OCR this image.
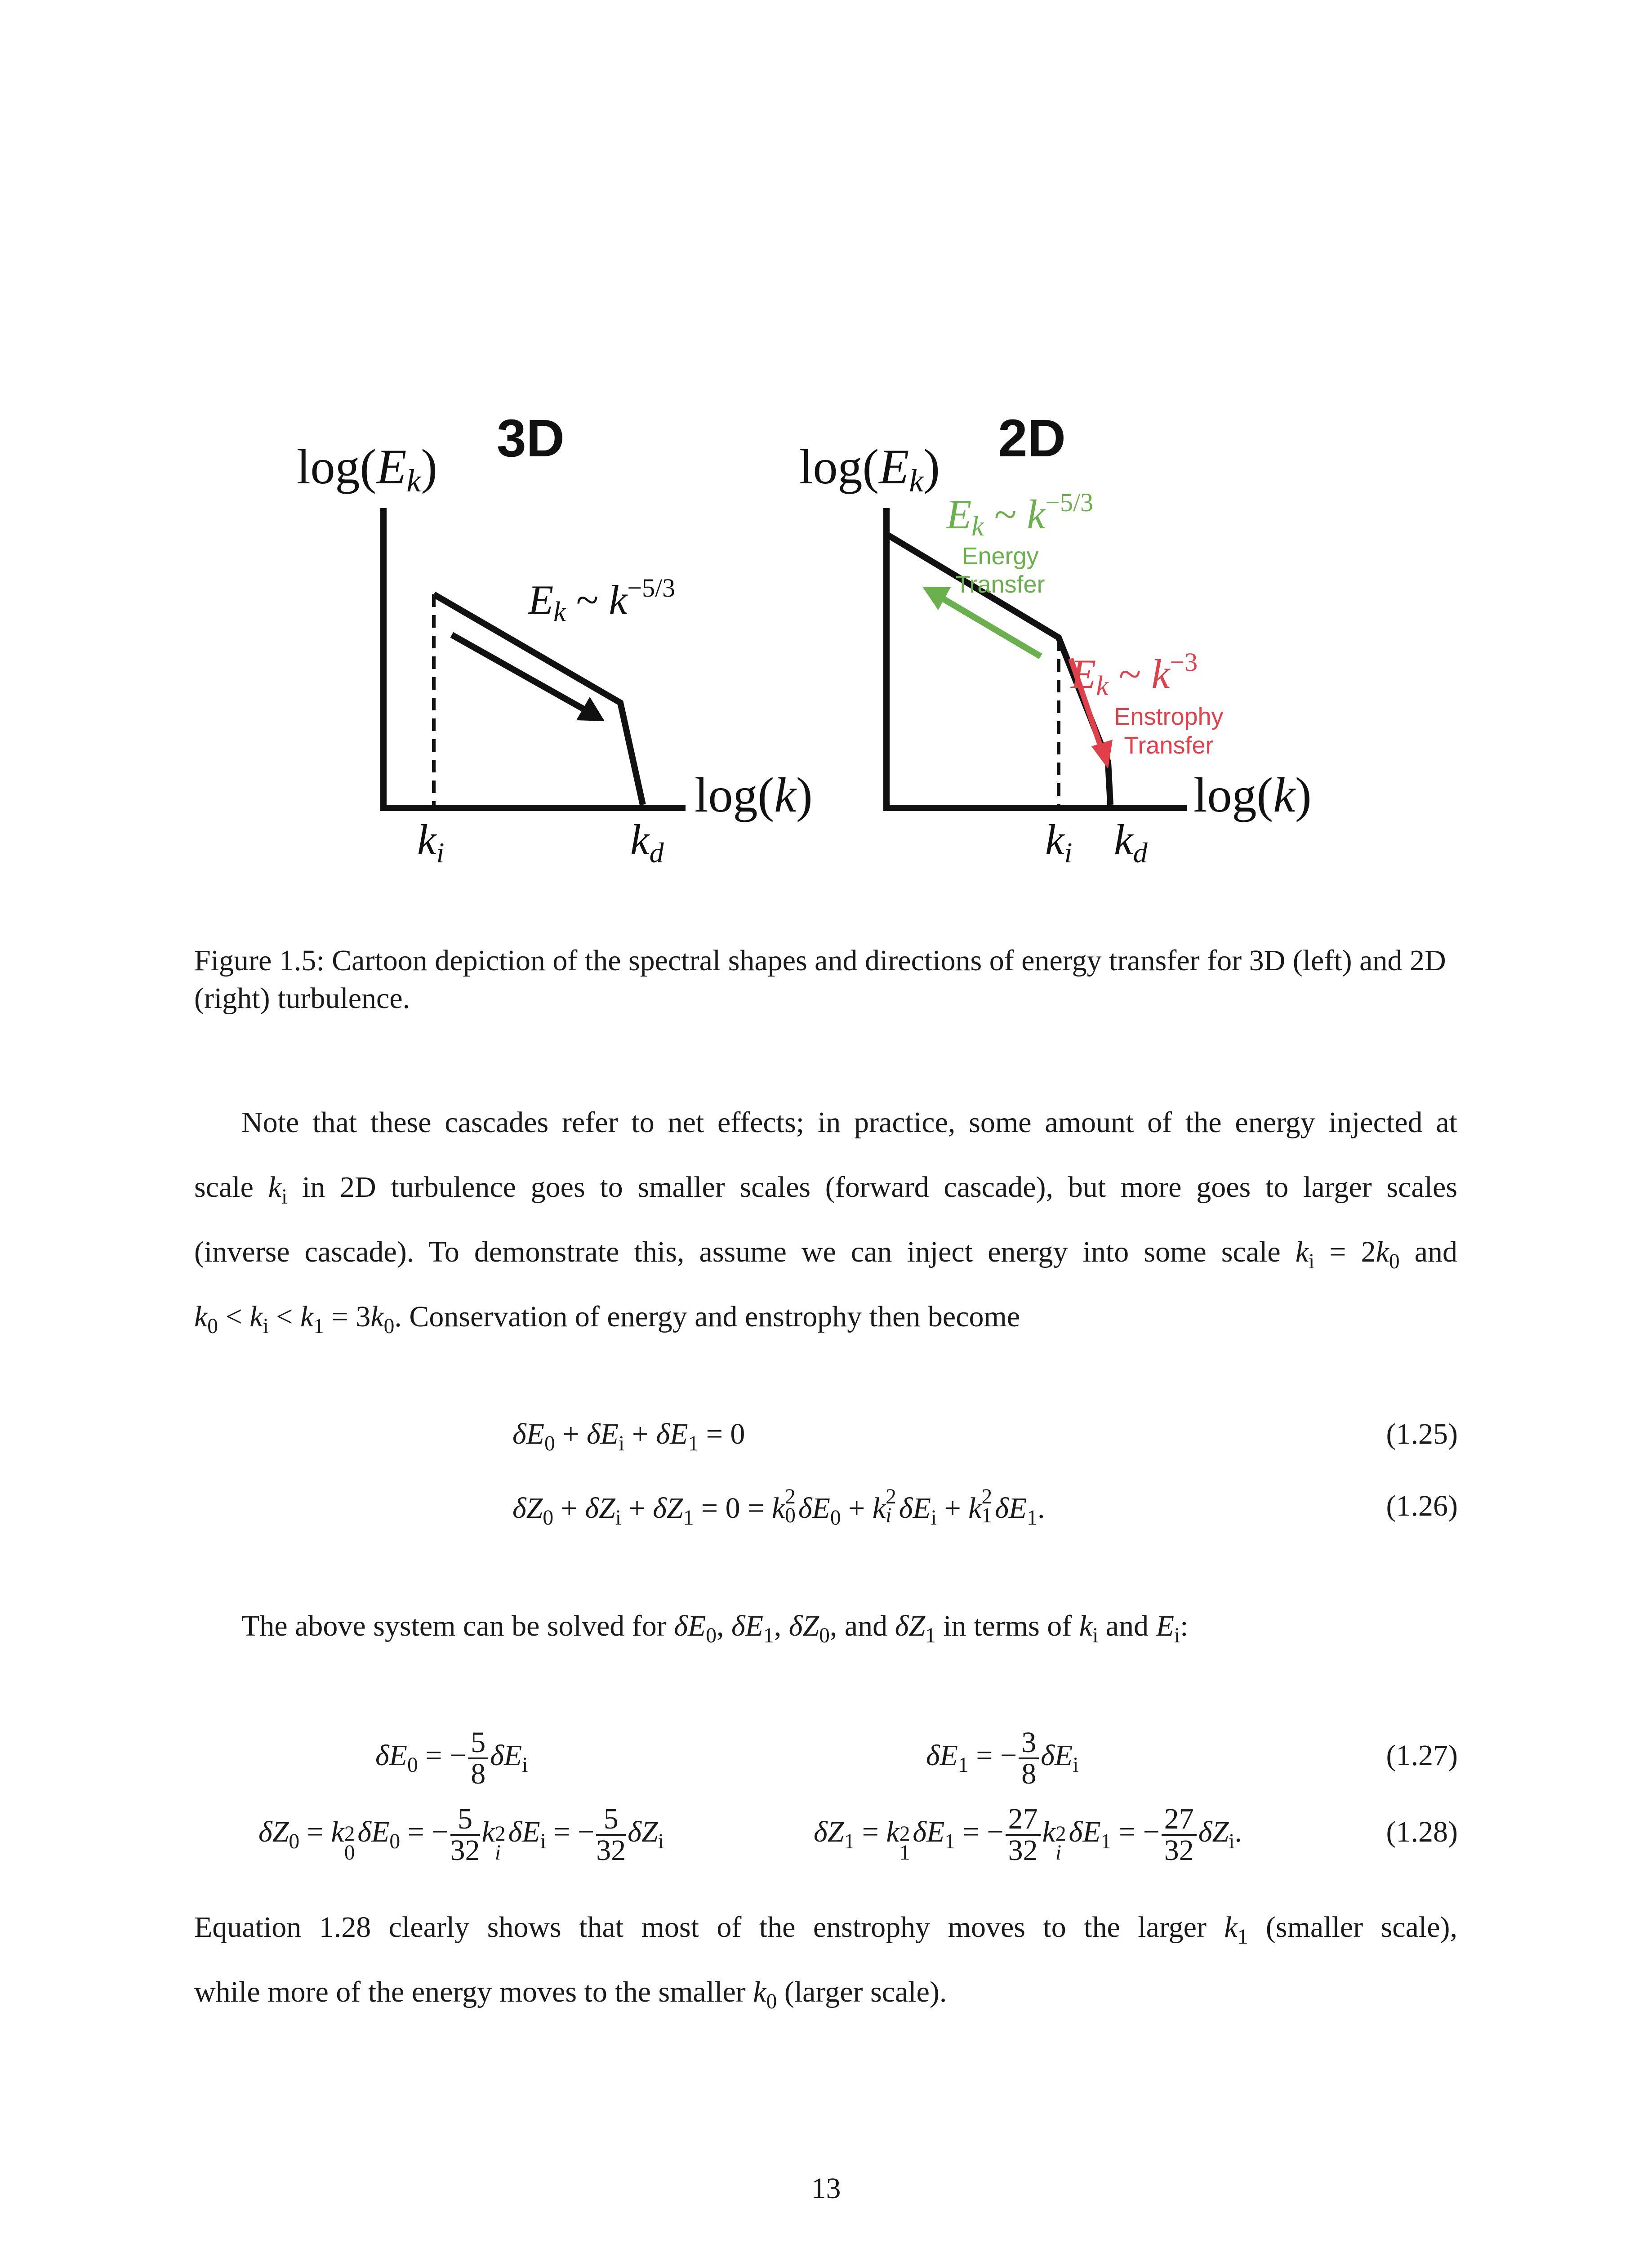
3D
log(Ek)
Ek ~ $k^{-5/3}$
log(k)
ki	kd
2D
log(Ek)
Ek ~ $k^{-5/3}$
Energy
Transfer
Ek ~ $k^{-3}$
Enstrophy
Transfer
log(k)
ki kd
Figure 1.5: Cartoon depiction of the spectral shapes and directions of energy transfer for 3D (left) and 2D (right) turbulence.
Note that these cascades refer to net effects; in practice, some amount of the energy injected at
scale $k_i$ in 2D turbulence goes to smaller scales (forward cascade), but more goes to larger scales
(inverse cascade). To demonstrate this, assume we can inject energy into some scale $k_i = 2k_0$ and
$k_0 < k_i < k_1 = 3k_0$. Conservation of energy and enstrophy then become
$\delta E_0 + \delta E_i + \delta E_1 = 0$	(1.25)
$\delta Z_0 + \delta Z_i + \delta Z_1 = 0 = k$ 2
0 $\delta E_0 + k$ 2
i $\delta E_i + k$ 2
1 $\delta E_1$.	(1.26)
The above system can be solved for $\delta E_0$, $\delta E_1$, $\delta Z_0$, and $\delta Z_1$ in terms of $k_i$ and $E_i$:
$\delta E_0$ = − $\frac{5}{8} \delta E_i$	$\delta E_1$ = − $\frac{3}{8} \delta E_i$	(1.27)
$\delta Z_0 = k$ 2
0
$\delta E_0$ = − $\frac{5}{32}$ k 2
i
$\delta E_i$ = − $\frac{5}{32} \delta Z_i$	$\delta Z_1 = k$ 2
1
$\delta E_1$ = − $\frac{27}{32}$ k 2
i
$\delta E_1$ = − $\frac{27}{32} \delta Z_i$.	(1.28)
Equation 1.28 clearly shows that most of the enstrophy moves to the larger $k_1$ (smaller scale),
while more of the energy moves to the smaller $k_0$ (larger scale).
13
